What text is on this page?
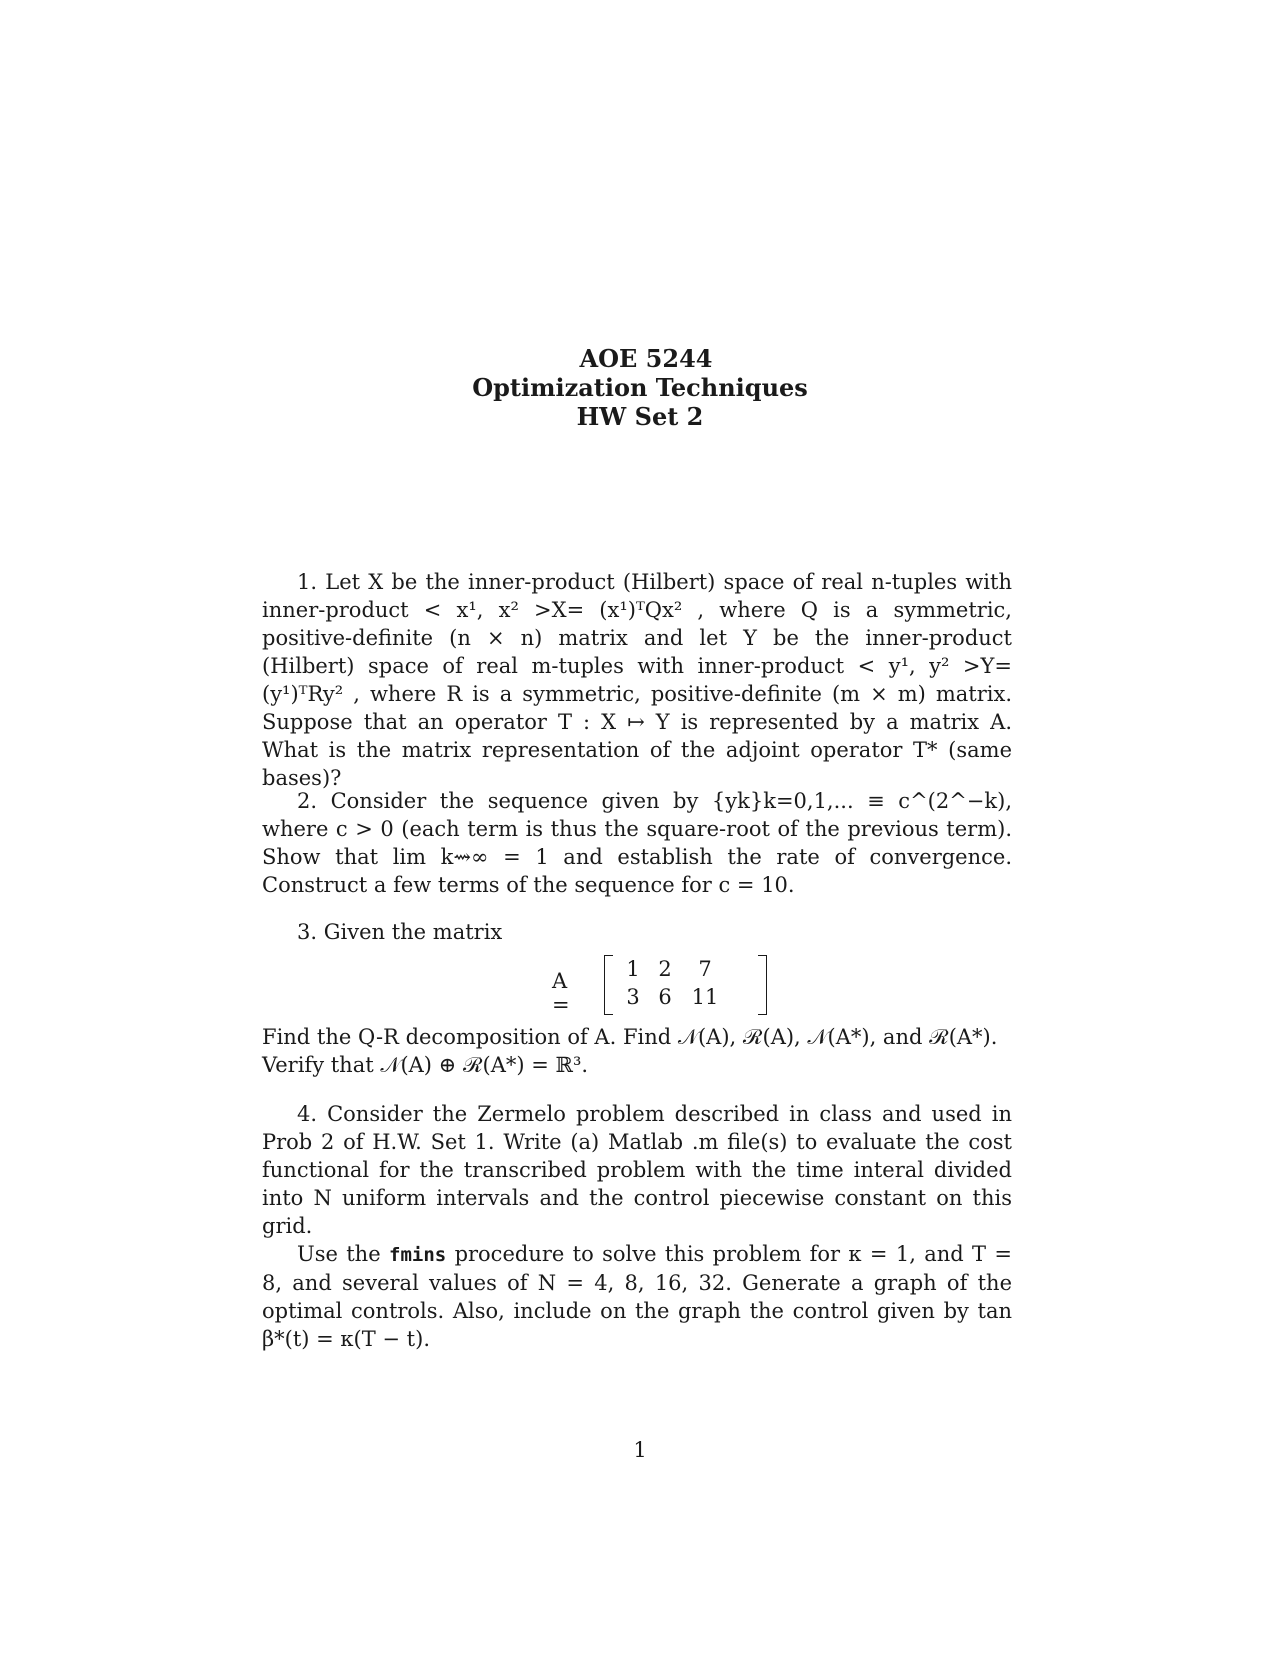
AOE 5244
Optimization Techniques
HW Set 2

1. Let X be the inner-product (Hilbert) space of real n-tuples with inner-product < x¹, x² >X= (x¹)ᵀQx² , where Q is a symmetric, positive-definite (n × n) matrix and let Y be the inner-product (Hilbert) space of real m-tuples with inner-product < y¹, y² >Y= (y¹)ᵀRy² , where R is a symmetric, positive-definite (m × m) matrix. Suppose that an operator T : X ↦ Y is represented by a matrix A. What is the matrix representation of the adjoint operator T* (same bases)?

2. Consider the sequence given by {yk}k=0,1,... ≡ c^(2^−k), where c > 0 (each term is thus the square-root of the previous term). Show that lim k⇝∞ = 1 and establish the rate of convergence. Construct a few terms of the sequence for c = 10.

3. Given the matrix

A =
1 2	7
3 6 11

Find the Q-R decomposition of A. Find 𝒩(A), ℛ(A), 𝒩(A*), and ℛ(A*).

Verify that 𝒩(A) ⊕ ℛ(A*) = ℝ³.

4. Consider the Zermelo problem described in class and used in Prob 2 of H.W. Set 1. Write (a) Matlab .m file(s) to evaluate the cost functional for the transcribed problem with the time interal divided into N uniform intervals and the control piecewise constant on this grid.

Use the fmins procedure to solve this problem for κ = 1, and T = 8, and several values of N = 4, 8, 16, 32. Generate a graph of the optimal controls. Also, include on the graph the control given by tan β*(t) = κ(T − t).

1
